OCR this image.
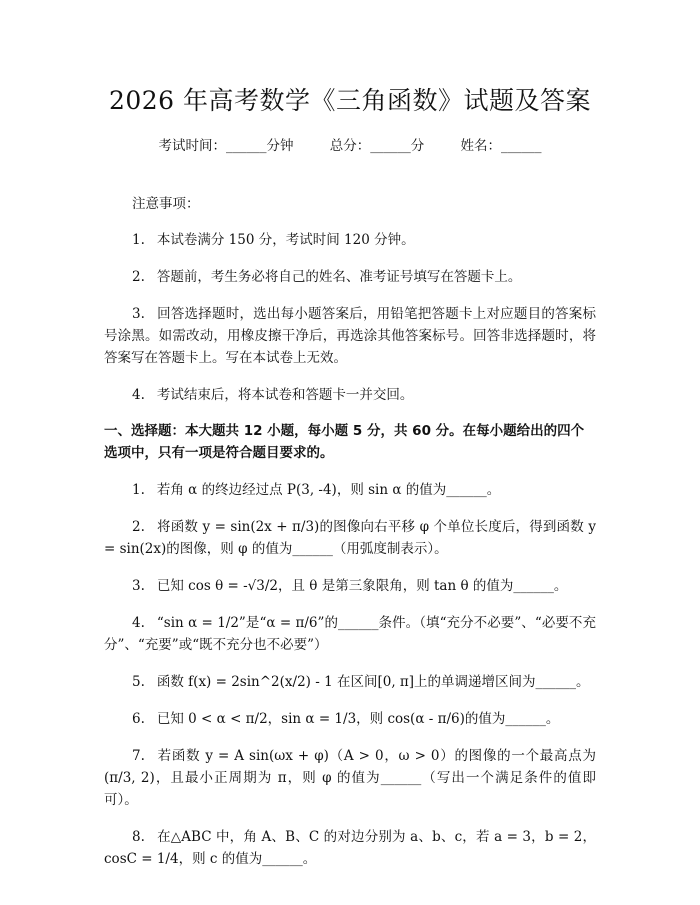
2026 年高考数学《三角函数》试题及答案
考试时间：______分钟	总分：______分	姓名：______
注意事项：
1. 本试卷满分 150 分，考试时间 120 分钟。
2. 答题前，考生务必将自己的姓名、准考证号填写在答题卡上。
3. 回答选择题时，选出每小题答案后，用铅笔把答题卡上对应题目的答案标号涂黑。如需改动，用橡皮擦干净后，再选涂其他答案标号。回答非选择题时，将答案写在答题卡上。写在本试卷上无效。
4. 考试结束后，将本试卷和答题卡一并交回。
一、选择题：本大题共 12 小题，每小题 5 分，共 60 分。在每小题给出的四个选项中，只有一项是符合题目要求的。
1. 若角 α 的终边经过点 P(3, -4)，则 sin α 的值为______。
2. 将函数 y = sin(2x + π/3)的图像向右平移 φ 个单位长度后，得到函数 y = sin(2x)的图像，则 φ 的值为______（用弧度制表示）。
3. 已知 cos θ = -√3/2，且 θ 是第三象限角，则 tan θ 的值为______。
4. “sin α = 1/2”是“α = π/6”的______条件。（填“充分不必要”、“必要不充分”、“充要”或“既不充分也不必要”）
5. 函数 f(x) = 2sin^2(x/2) - 1 在区间[0, π]上的单调递增区间为______。
6. 已知 0 < α < π/2，sin α = 1/3，则 cos(α - π/6)的值为______。
7. 若函数 y = A sin(ωx + φ)（A > 0，ω > 0）的图像的一个最高点为(π/3, 2)，且最小正周期为 π，则 φ 的值为______（写出一个满足条件的值即可）。
8. 在△ABC 中，角 A、B、C 的对边分别为 a、b、c，若 a = 3，b = 2，cosC = 1/4，则 c 的值为______。
